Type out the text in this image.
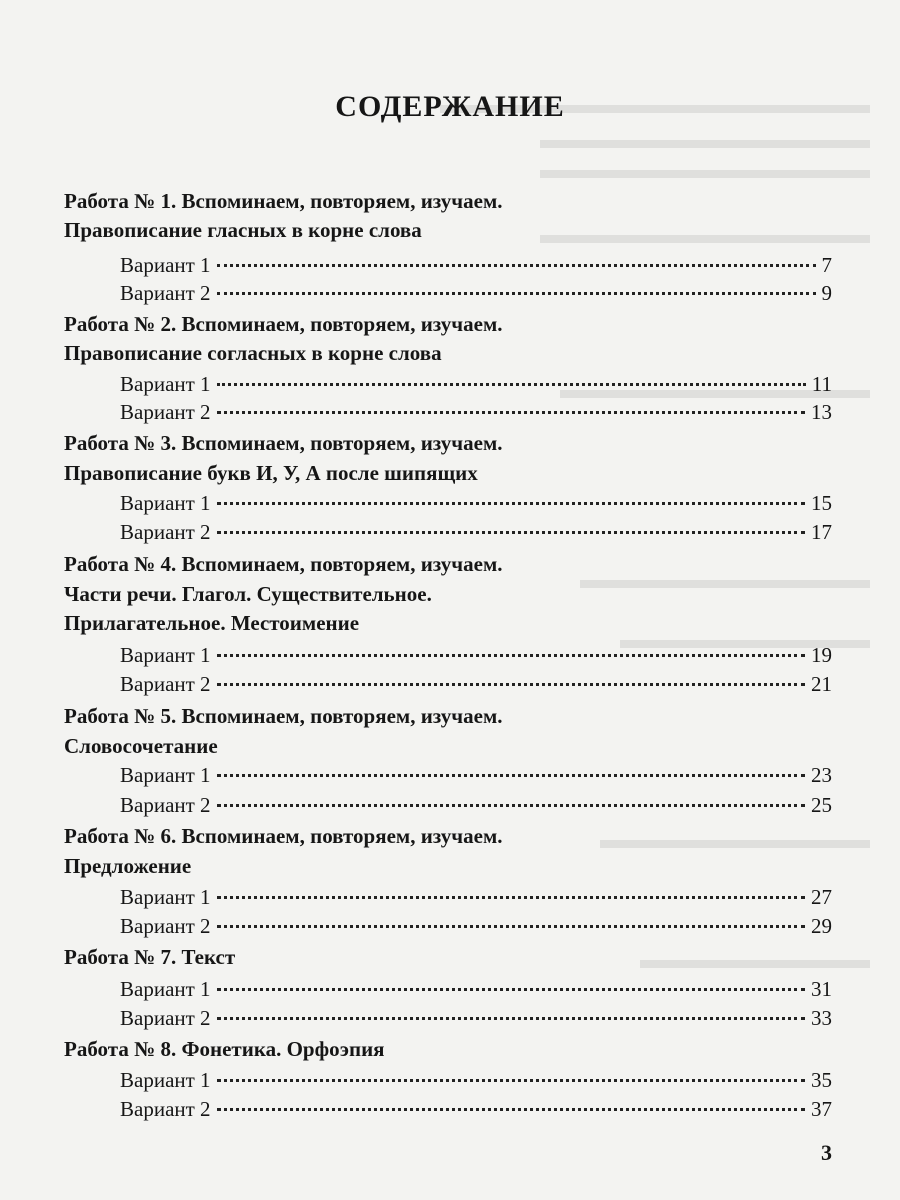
СОДЕРЖАНИЕ
Работа № 1. Вспоминаем, повторяем, изучаем.
Правописание гласных в корне слова
Вариант 1	7
Вариант 2	9
Работа № 2. Вспоминаем, повторяем, изучаем.
Правописание согласных в корне слова
Вариант 1	11
Вариант 2	13
Работа № 3. Вспоминаем, повторяем, изучаем.
Правописание букв И, У, А после шипящих
Вариант 1	15
Вариант 2	17
Работа № 4. Вспоминаем, повторяем, изучаем.
Части речи. Глагол. Существительное.
Прилагательное. Местоимение
Вариант 1	19
Вариант 2	21
Работа № 5. Вспоминаем, повторяем, изучаем.
Словосочетание
Вариант 1	23
Вариант 2	25
Работа № 6. Вспоминаем, повторяем, изучаем.
Предложение
Вариант 1	27
Вариант 2	29
Работа № 7. Текст
Вариант 1	31
Вариант 2	33
Работа № 8. Фонетика. Орфоэпия
Вариант 1	35
Вариант 2	37
3
